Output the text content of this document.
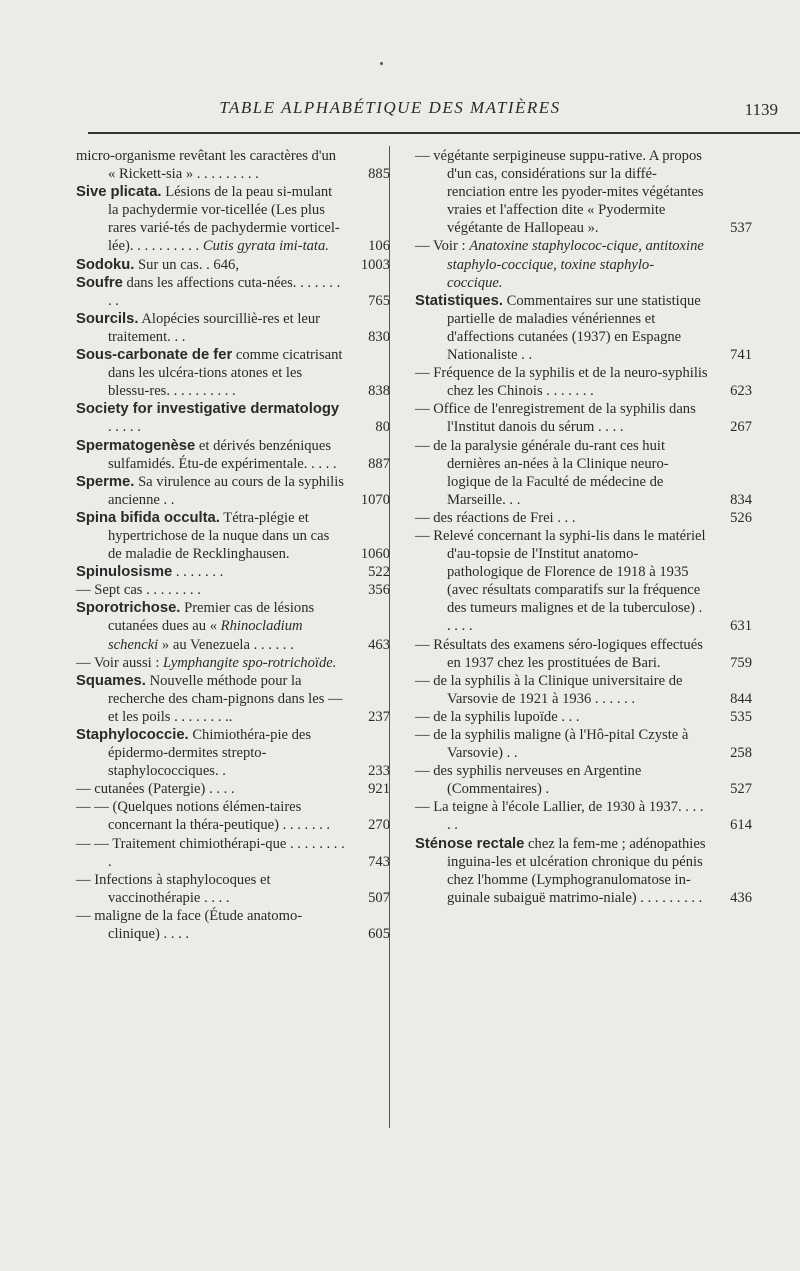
TABLE ALPHABÉTIQUE DES MATIÈRES	1139
micro-organisme revêtant les caractères d'un « Rickett-sia » . . . . . . . . .	885
Sive plicata. Lésions de la peau si-mulant la pachydermie vor-ticellée (Les plus rares varié-tés de pachydermie vorticel-lée). . . . . . . . . . Cutis gyrata imi-tata.	106
Sodoku. Sur un cas. . 646,	1003
Soufre dans les affections cuta-nées. . . . . . . . .	765
Sourcils. Alopécies sourcilliè-res et leur traitement. . .	830
Sous-carbonate de fer comme cicatrisant dans les ulcéra-tions atones et les blessu-res. . . . . . . . . .	838
Society for investigative dermatology . . . . .	80
Spermatogenèse et dérivés benzéniques sulfamidés. Étu-de expérimentale. . . . .	887
Sperme. Sa virulence au cours de la syphilis ancienne . .	1070
Spina bifida occulta. Tétra-plégie et hypertrichose de la nuque dans un cas de maladie de Recklinghausen.	1060
Spinulosisme . . . . . . .	522
— Sept cas . . . . . . . .	356
Sporotrichose. Premier cas de lésions cutanées dues au « Rhinocladium schencki » au Venezuela . . . . . .	463
— Voir aussi : Lymphangite spo-rotrichoïde.
Squames. Nouvelle méthode pour la recherche des cham-pignons dans les — et les poils . . . . . . . ..	237
Staphylococcie. Chimiothéra-pie des épidermo-dermites strepto-staphylococciques. .	233
— cutanées (Patergie) . . . .	921
— — (Quelques notions élémen-taires concernant la théra-peutique) . . . . . . .	270
— — Traitement chimiothérapi-que . . . . . . . . .	743
— Infections à staphylocoques et vaccinothérapie . . . .	507
— maligne de la face (Étude anatomo-clinique) . . . .	605
— végétante serpigineuse suppu-rative. A propos d'un cas, considérations sur la diffé-renciation entre les pyoder-mites végétantes vraies et l'affection dite « Pyodermite végétante de Hallopeau ».	537
— Voir : Anatoxine staphylococ-cique, antitoxine staphylo-coccique, toxine staphylo-coccique.
Statistiques. Commentaires sur une statistique partielle de maladies vénériennes et d'affections cutanées (1937) en Espagne Nationaliste . .	741
— Fréquence de la syphilis et de la neuro-syphilis chez les Chinois . . . . . . .	623
— Office de l'enregistrement de la syphilis dans l'Institut danois du sérum . . . .	267
— de la paralysie générale du-rant ces huit dernières an-nées à la Clinique neuro-logique de la Faculté de médecine de Marseille. . .	834
— des réactions de Frei . . .	526
— Relevé concernant la syphi-lis dans le matériel d'au-topsie de l'Institut anatomo-pathologique de Florence de 1918 à 1935 (avec résultats comparatifs sur la fréquence des tumeurs malignes et de la tuberculose) . . . . .	631
— Résultats des examens séro-logiques effectués en 1937 chez les prostituées de Bari.	759
— de la syphilis à la Clinique universitaire de Varsovie de 1921 à 1936 . . . . . .	844
— de la syphilis lupoïde . . .	535
— de la syphilis maligne (à l'Hô-pital Czyste à Varsovie) . .	258
— des syphilis nerveuses en Argentine (Commentaires) .	527
— La teigne à l'école Lallier, de 1930 à 1937. . . . . .	614
Sténose rectale chez la fem-me ; adénopathies inguina-les et ulcération chronique du pénis chez l'homme (Lymphogranulomatose in-guinale subaiguë matrimo-niale) . . . . . . . . .	436
